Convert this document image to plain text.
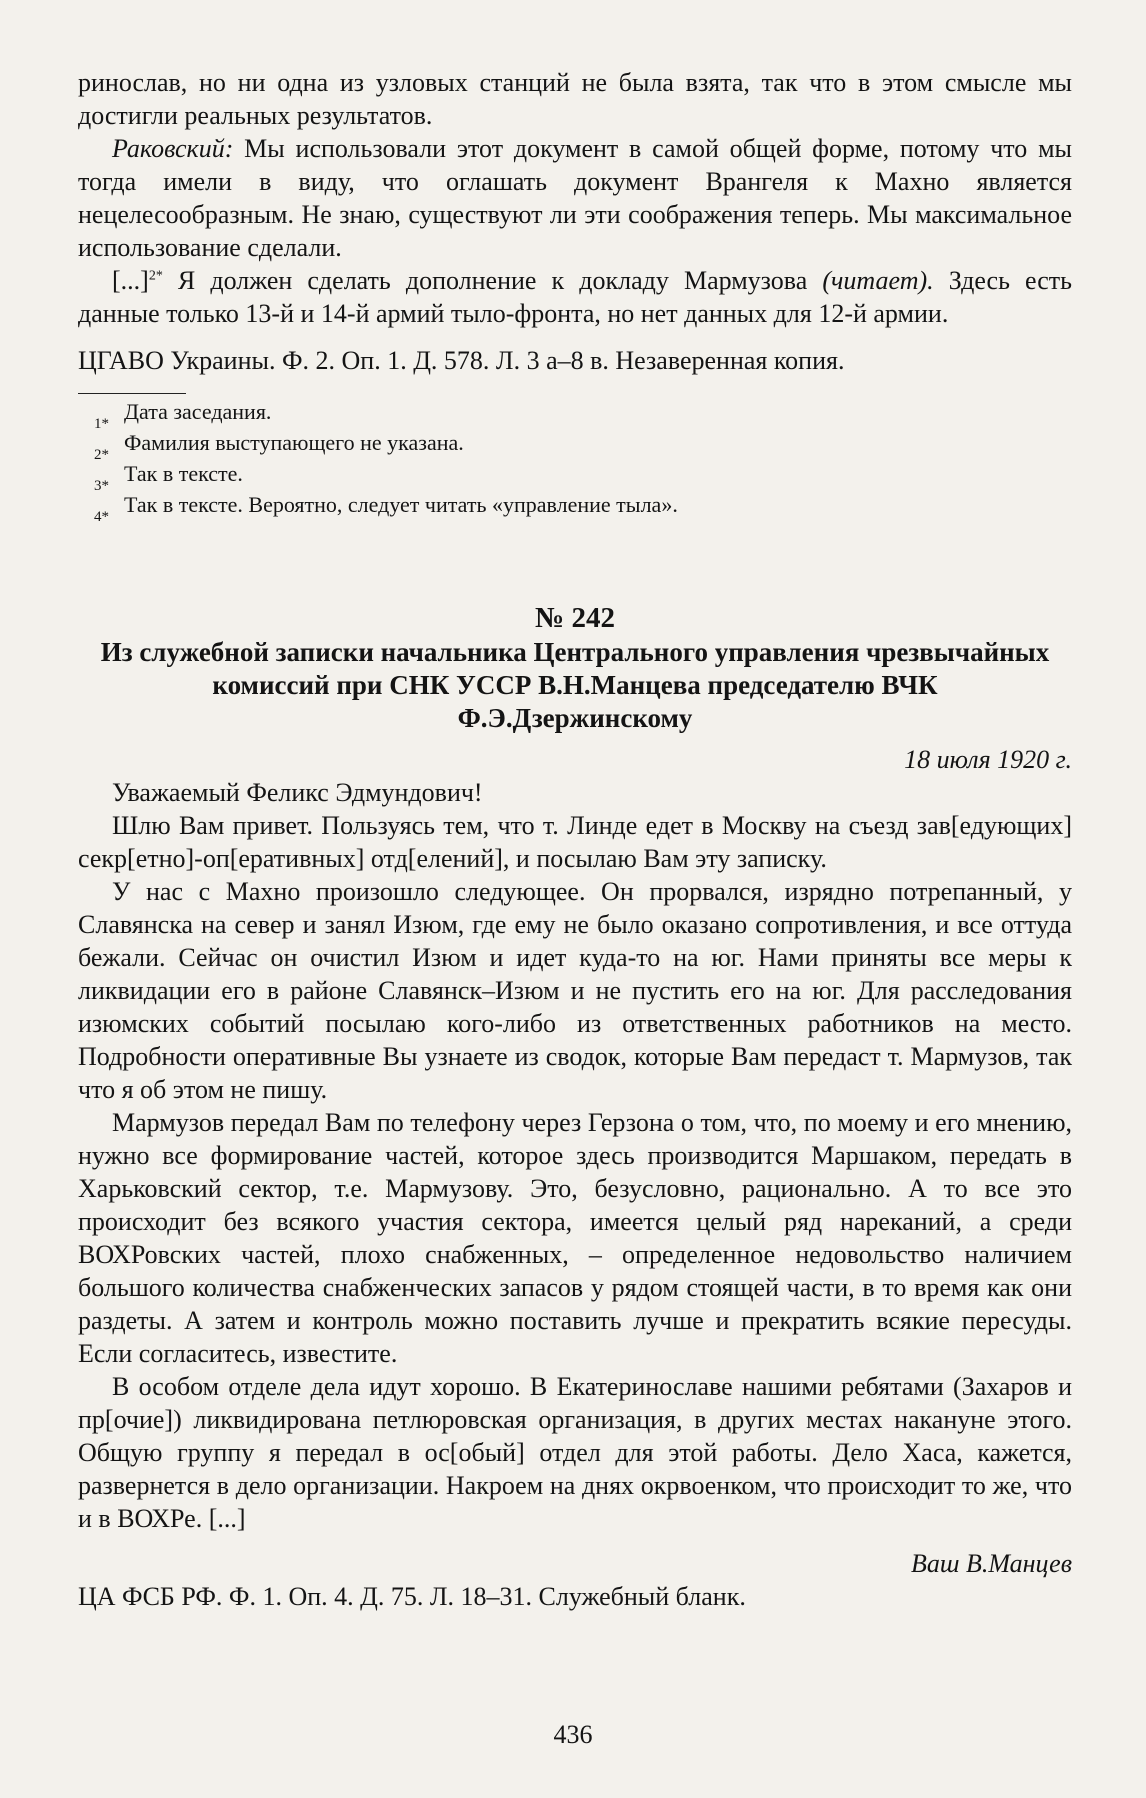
ринослав, но ни одна из узловых станций не была взята, так что в этом смысле мы достигли реальных результатов.

Раковский: Мы использовали этот документ в самой общей форме, потому что мы тогда имели в виду, что оглашать документ Врангеля к Махно является нецелесообразным. Не знаю, существуют ли эти соображения теперь. Мы максимальное использование сделали.

[...]$^{2*}$ Я должен сделать дополнение к докладу Мармузова (читает). Здесь есть данные только 13-й и 14-й армий тыло-фронта, но нет данных для 12-й армии.

ЦГАВО Украины. Ф. 2. Оп. 1. Д. 578. Л. 3 а–8 в. Незаверенная копия.

1* Дата заседания.
2* Фамилия выступающего не указана.
3* Так в тексте.
4* Так в тексте. Вероятно, следует читать «управление тыла».
№ 242
Из служебной записки начальника Центрального управления чрезвычайных
комиссий при СНК УССР В.Н.Манцева председателю ВЧК
Ф.Э.Дзержинскому
18 июля 1920 г.

Уважаемый Феликс Эдмундович!

Шлю Вам привет. Пользуясь тем, что т. Линде едет в Москву на съезд зав[едующих] секр[етно]-оп[еративных] отд[елений], и посылаю Вам эту записку.

У нас с Махно произошло следующее. Он прорвался, изрядно потрепанный, у Славянска на север и занял Изюм, где ему не было оказано сопротивления, и все оттуда бежали. Сейчас он очистил Изюм и идет куда-то на юг. Нами приняты все меры к ликвидации его в районе Славянск–Изюм и не пустить его на юг. Для расследования изюмских событий посылаю кого-либо из ответственных работников на место. Подробности оперативные Вы узнаете из сводок, которые Вам передаст т. Мармузов, так что я об этом не пишу.

Мармузов передал Вам по телефону через Герзона о том, что, по моему и его мнению, нужно все формирование частей, которое здесь производится Маршаком, передать в Харьковский сектор, т.е. Мармузову. Это, безусловно, рационально. А то все это происходит без всякого участия сектора, имеется целый ряд нареканий, а среди ВОХРовских частей, плохо снабженных, – определенное недовольство наличием большого количества снабженческих запасов у рядом стоящей части, в то время как они раздеты. А затем и контроль можно поставить лучше и прекратить всякие пересуды. Если согласитесь, известите.

В особом отделе дела идут хорошо. В Екатеринославе нашими ребятами (Захаров и пр[очие]) ликвидирована петлюровская организация, в других местах накануне этого. Общую группу я передал в ос[обый] отдел для этой работы. Дело Хаса, кажется, развернется в дело организации. Накроем на днях окрвоенком, что происходит то же, что и в ВОХРе. [...]

Ваш В.Манцев

ЦА ФСБ РФ. Ф. 1. Оп. 4. Д. 75. Л. 18–31. Служебный бланк.

436
